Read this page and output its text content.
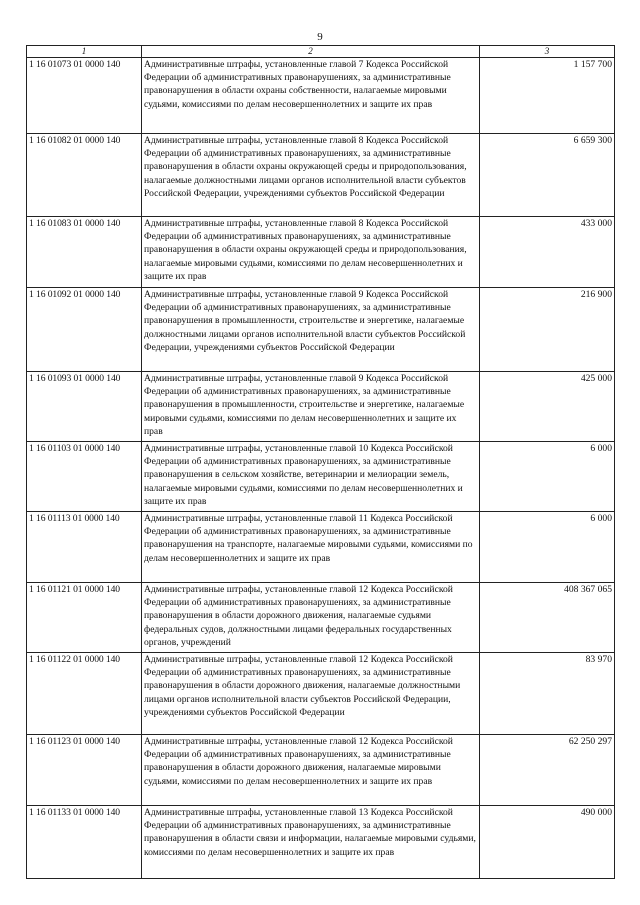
9
1	2	3
1 16 01073 01 0000 140	Административные штрафы, установленные главой 7 Кодекса Российской Федерации об административных правонарушениях, за административные правонарушения в области охраны собственности, налагаемые мировыми судьями, комиссиями по делам несовершеннолетних и защите их прав	1 157 700
1 16 01082 01 0000 140	Административные штрафы, установленные главой 8 Кодекса Российской Федерации об административных правонарушениях, за административные правонарушения в области охраны окружающей среды и природопользования, налагаемые должностными лицами органов исполнительной власти субъектов Российской Федерации, учреждениями субъектов Российской Федерации	6 659 300
1 16 01083 01 0000 140	Административные штрафы, установленные главой 8 Кодекса Российской Федерации об административных правонарушениях, за административные правонарушения в области охраны окружающей среды и природопользования, налагаемые мировыми судьями, комиссиями по делам несовершеннолетних и защите их прав	433 000
1 16 01092 01 0000 140	Административные штрафы, установленные главой 9 Кодекса Российской Федерации об административных правонарушениях, за административные правонарушения в промышленности, строительстве и энергетике, налагаемые должностными лицами органов исполнительной власти субъектов Российской Федерации, учреждениями субъектов Российской Федерации	216 900
1 16 01093 01 0000 140	Административные штрафы, установленные главой 9 Кодекса Российской Федерации об административных правонарушениях, за административные правонарушения в промышленности, строительстве и энергетике, налагаемые мировыми судьями, комиссиями по делам несовершеннолетних и защите их прав	425 000
1 16 01103 01 0000 140	Административные штрафы, установленные главой 10 Кодекса Российской Федерации об административных правонарушениях, за административные правонарушения в сельском хозяйстве, ветеринарии и мелиорации земель, налагаемые мировыми судьями, комиссиями по делам несовершеннолетних и защите их прав	6 000
1 16 01113 01 0000 140	Административные штрафы, установленные главой 11 Кодекса Российской Федерации об административных правонарушениях, за административные правонарушения на транспорте, налагаемые мировыми судьями, комиссиями по делам несовершеннолетних и защите их прав	6 000
1 16 01121 01 0000 140	Административные штрафы, установленные главой 12 Кодекса Российской Федерации об административных правонарушениях, за административные правонарушения в области дорожного движения, налагаемые судьями федеральных судов, должностными лицами федеральных государственных органов, учреждений	408 367 065
1 16 01122 01 0000 140	Административные штрафы, установленные главой 12 Кодекса Российской Федерации об административных правонарушениях, за административные правонарушения в области дорожного движения, налагаемые должностными лицами органов исполнительной власти субъектов Российской Федерации, учреждениями субъектов Российской Федерации	83 970
1 16 01123 01 0000 140	Административные штрафы, установленные главой 12 Кодекса Российской Федерации об административных правонарушениях, за административные правонарушения в области дорожного движения, налагаемые мировыми судьями, комиссиями по делам несовершеннолетних и защите их прав	62 250 297
1 16 01133 01 0000 140	Административные штрафы, установленные главой 13 Кодекса Российской Федерации об административных правонарушениях, за административные правонарушения в области связи и информации, налагаемые мировыми судьями, комиссиями по делам несовершеннолетних и защите их прав	490 000
